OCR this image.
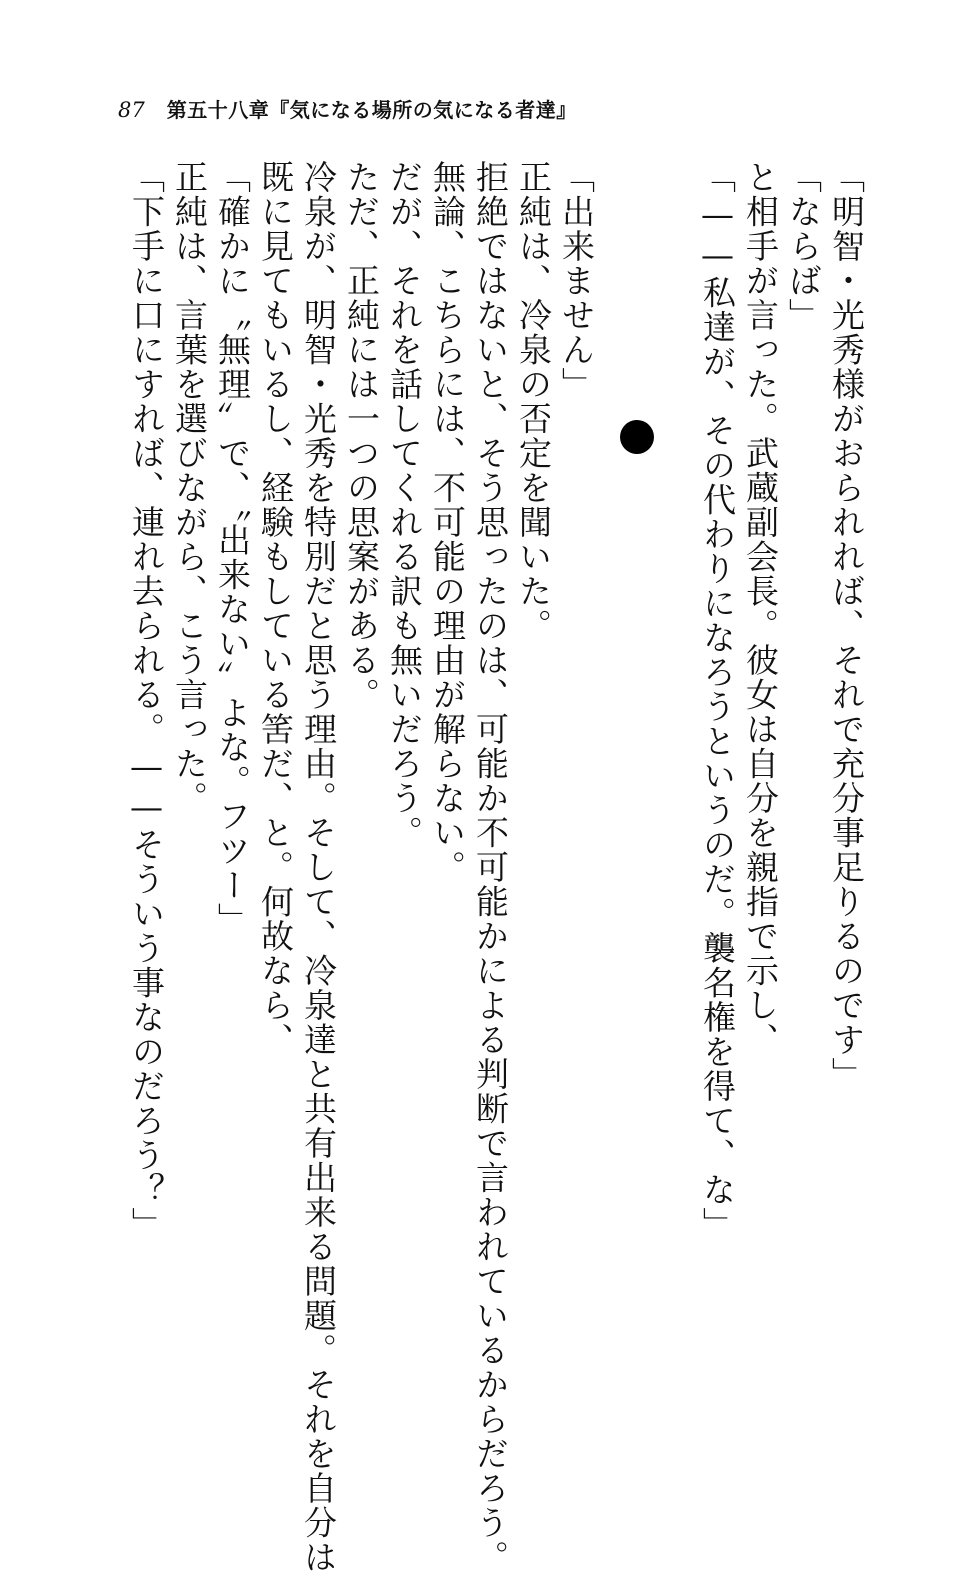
87 第五十八章『気になる場所の気になる者達』
「明智・光秀様がおられれば、それで充分事足りるのです」
「ならば」
と相手が言った。武蔵副会長。彼女は自分を親指で示し、
「——私達が、その代わりになろうというのだ。襲名権を得て、な」
「出来ません」
正純は、冷泉の否定を聞いた。
拒絶ではないと、そう思ったのは、可能か不可能かによる判断で言われているからだろう。
無論、こちらには、不可能の理由が解らない。
だが、それを話してくれる訳も無いだろう。
ただ、正純には一つの思案がある。
冷泉が、明智・光秀を特別だと思う理由。そして、冷泉達と共有出来る問題。それを自分は
既に見てもいるし、経験もしている筈だ、と。何故なら、
「確かに〝無理〟で、〝出来ない〟よな。フツー」
正純は、言葉を選びながら、こう言った。
「下手に口にすれば、連れ去られる。——そういう事なのだろう？」
